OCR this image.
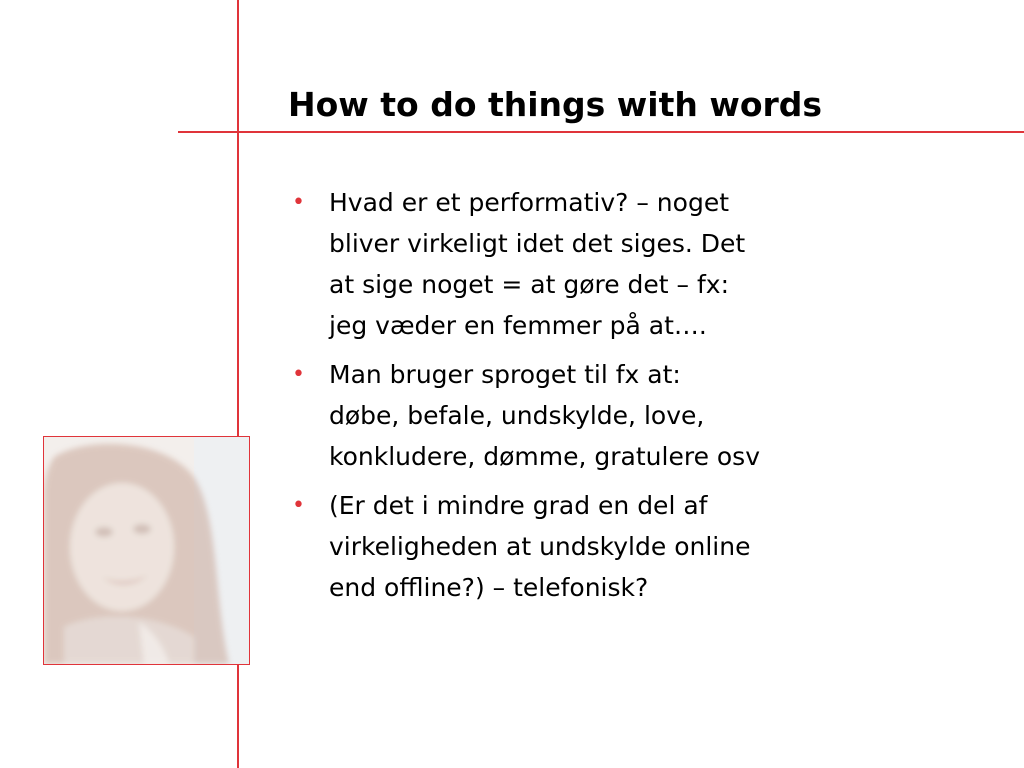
How to do things with words
• Hvad er et performativ? – noget
bliver virkeligt idet det siges. Det
at sige noget = at gøre det – fx:
jeg væder en femmer på at….
• Man bruger sproget til fx at:
døbe, befale, undskylde, love,
konkludere, dømme, gratulere osv
• (Er det i mindre grad en del af
virkeligheden at undskylde online
end offline?) – telefonisk?
